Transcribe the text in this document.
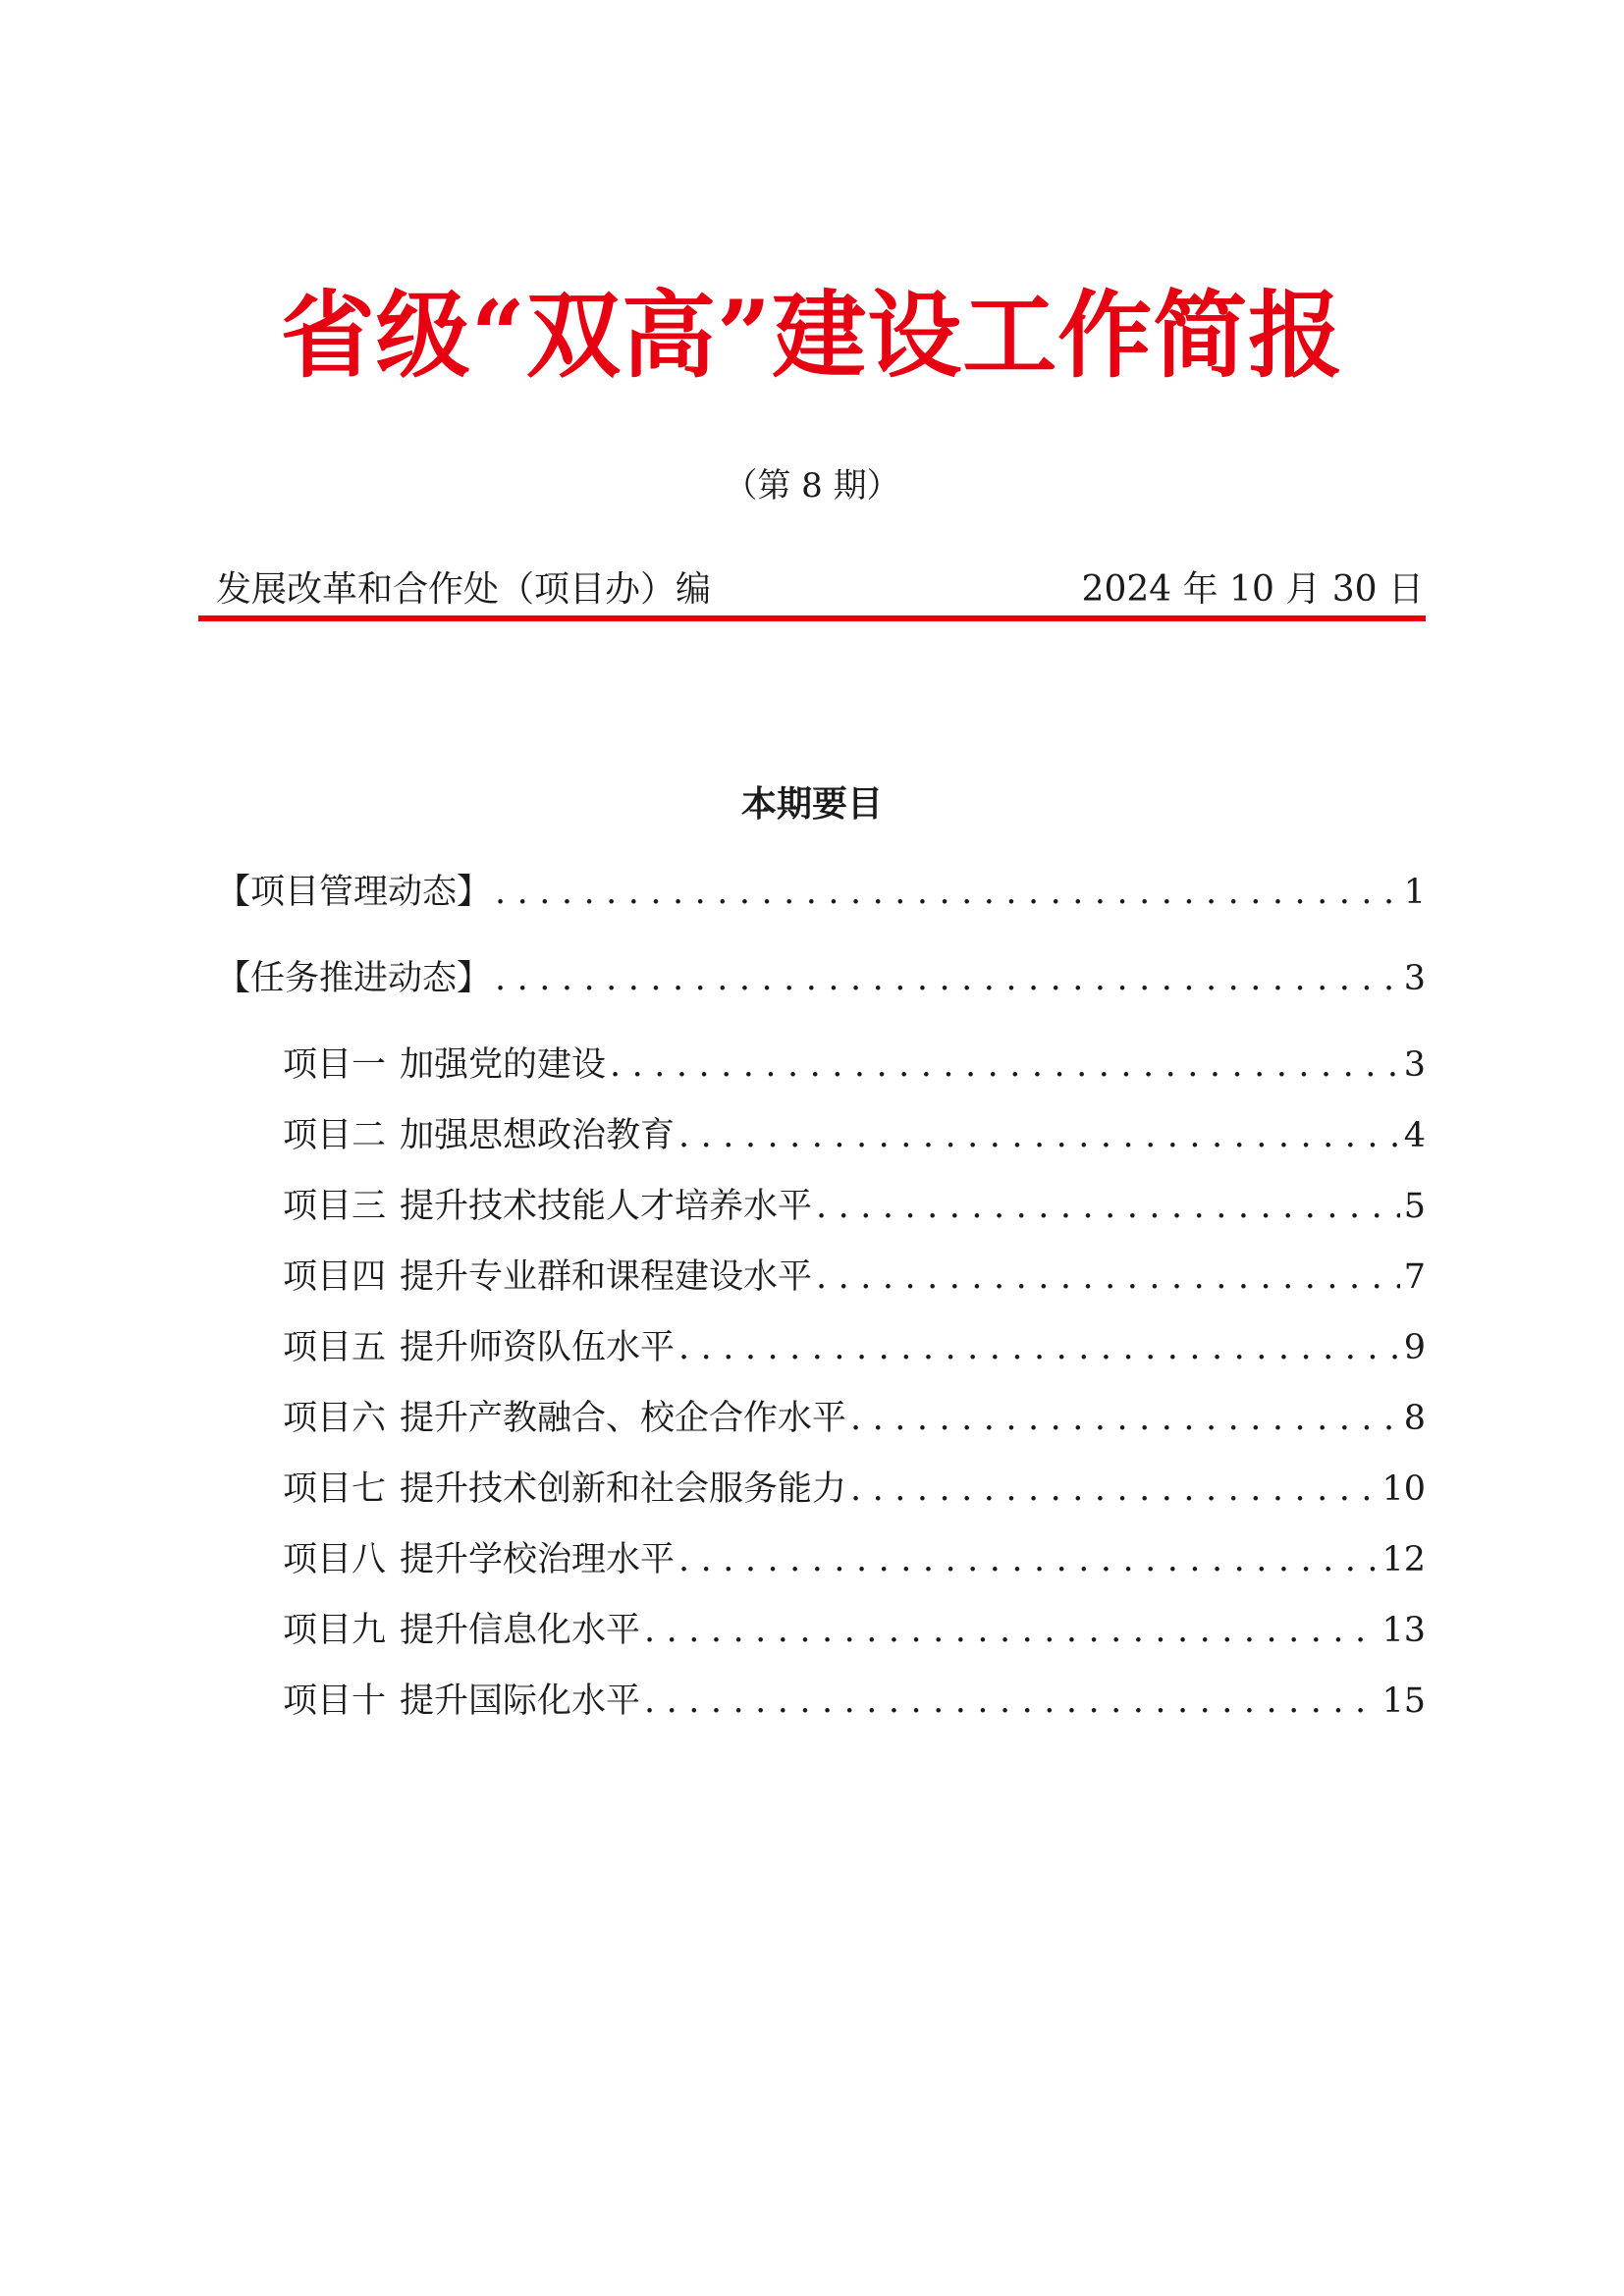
省级“双高”建设工作简报
（第 8 期）
发展改革和合作处（项目办）编	2024 年 10 月 30 日
本期要目
【项目管理动态】 .....	1
【任务推进动态】 .....	3
项目一 加强党的建设 .....	3
项目二 加强思想政治教育 .....	4
项目三 提升技术技能人才培养水平 .....	5
项目四 提升专业群和课程建设水平 .....	7
项目五 提升师资队伍水平 .....	9
项目六 提升产教融合、校企合作水平 .....	8
项目七 提升技术创新和社会服务能力 .....	10
项目八 提升学校治理水平 .....	12
项目九 提升信息化水平 .....	13
项目十 提升国际化水平 .....	15
